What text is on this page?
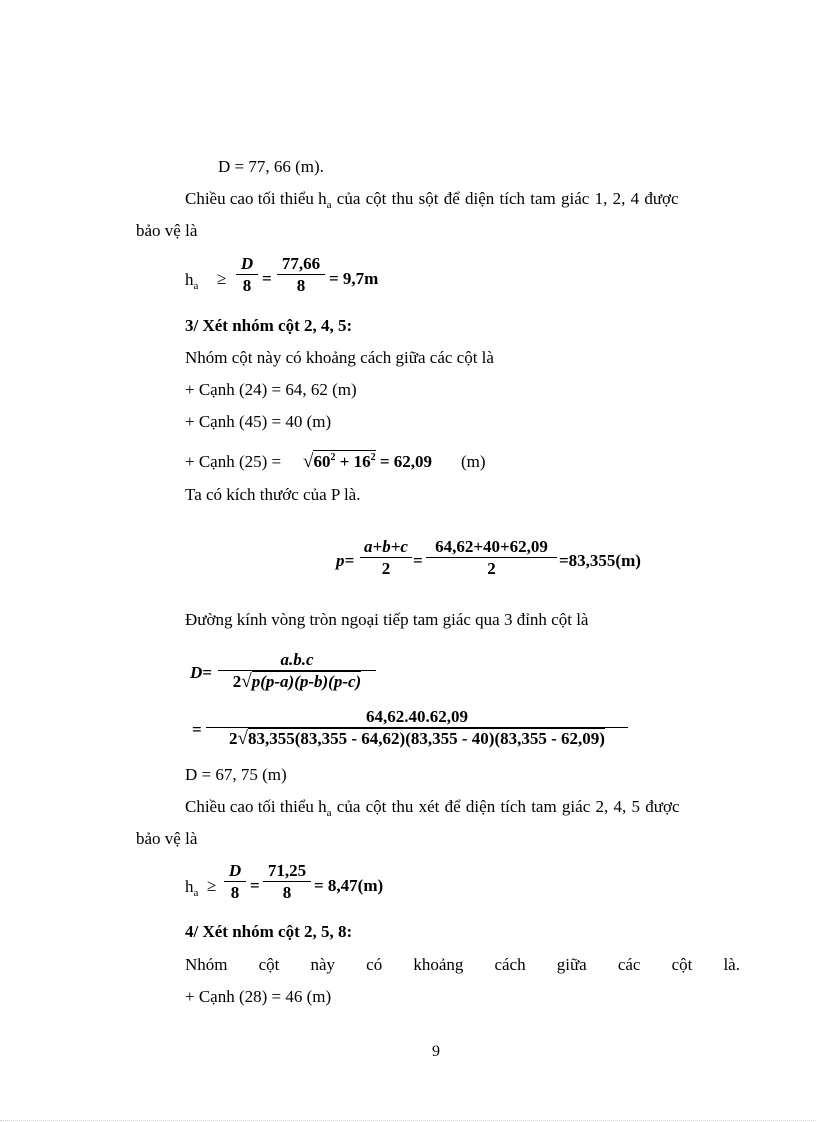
D = 77, 66 (m).
Chiều cao tối thiểu $h_a$ của cột thu sột để diện tích tam giác 1, 2, 4 được
bảo vệ là
$h_a$ ≥
D
8 =
77,66
8	= 9,7m
3/ Xét nhóm cột 2, 4, 5:
Nhóm cột này có khoảng cách giữa các cột là
+ Cạnh (24) = 64, 62 (m)
+ Cạnh (45) = 40 (m)
+ Cạnh $(25) = √60^2 + 16^2 = 62,09$ (m)
Ta có kích thước của P là.
p=
a+b+c
2	=
64,62+40+62,09
2	=83,355(m)
Đường kính vòng tròn ngoại tiếp tam giác qua 3 đỉnh cột là
D=
a.b.c
2√p(p-a)(p-b)(p-c)
=
64,62.40.62,09
2√83,355(83,355 - 64,62)(83,355 - 40)(83,355 - 62,09)
D = 67, 75 (m)
Chiều cao tối thiểu $h_a$ của cột thu xét để diện tích tam giác 2, 4, 5 được
bảo vệ là
$h_a$ ≥
D
8 =
71,25
8	= 8,47(m)
4/ Xét nhóm cột 2, 5, 8:
Nhóm cột này có khoảng cách giữa các cột là.
+ Cạnh (28) = 46 (m)
9
